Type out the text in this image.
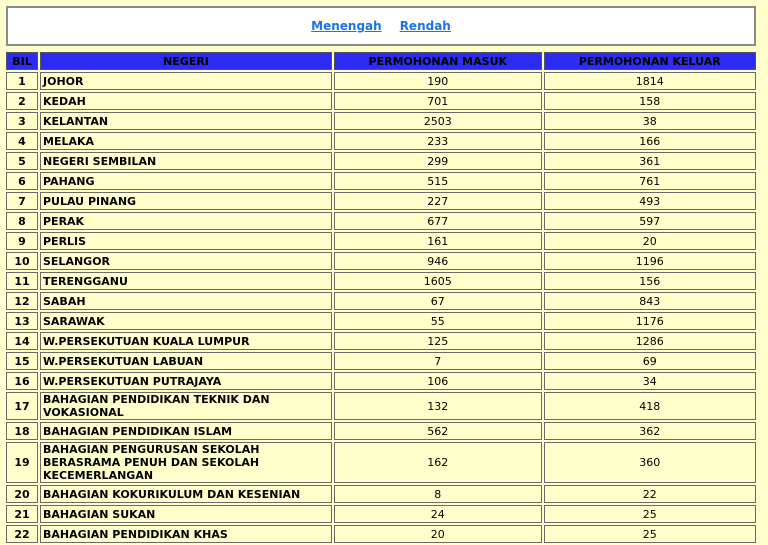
Menengah Rendah
BIL	NEGERI	PERMOHONAN MASUK	PERMOHONAN KELUAR
1	JOHOR	190	1814
2	KEDAH	701	158
3	KELANTAN	2503	38
4	MELAKA	233	166
5	NEGERI SEMBILAN	299	361
6	PAHANG	515	761
7	PULAU PINANG	227	493
8	PERAK	677	597
9	PERLIS	161	20
10	SELANGOR	946	1196
11	TERENGGANU	1605	156
12	SABAH	67	843
13	SARAWAK	55	1176
14	W.PERSEKUTUAN KUALA LUMPUR	125	1286
15	W.PERSEKUTUAN LABUAN	7	69
16	W.PERSEKUTUAN PUTRAJAYA	106	34
17	BAHAGIAN PENDIDIKAN TEKNIK DAN VOKASIONAL	132	418
18	BAHAGIAN PENDIDIKAN ISLAM	562	362
19	BAHAGIAN PENGURUSAN SEKOLAH BERASRAMA PENUH DAN SEKOLAH KECEMERLANGAN	162	360
20	BAHAGIAN KOKURIKULUM DAN KESENIAN	8	22
21	BAHAGIAN SUKAN	24	25
22	BAHAGIAN PENDIDIKAN KHAS	20	25
